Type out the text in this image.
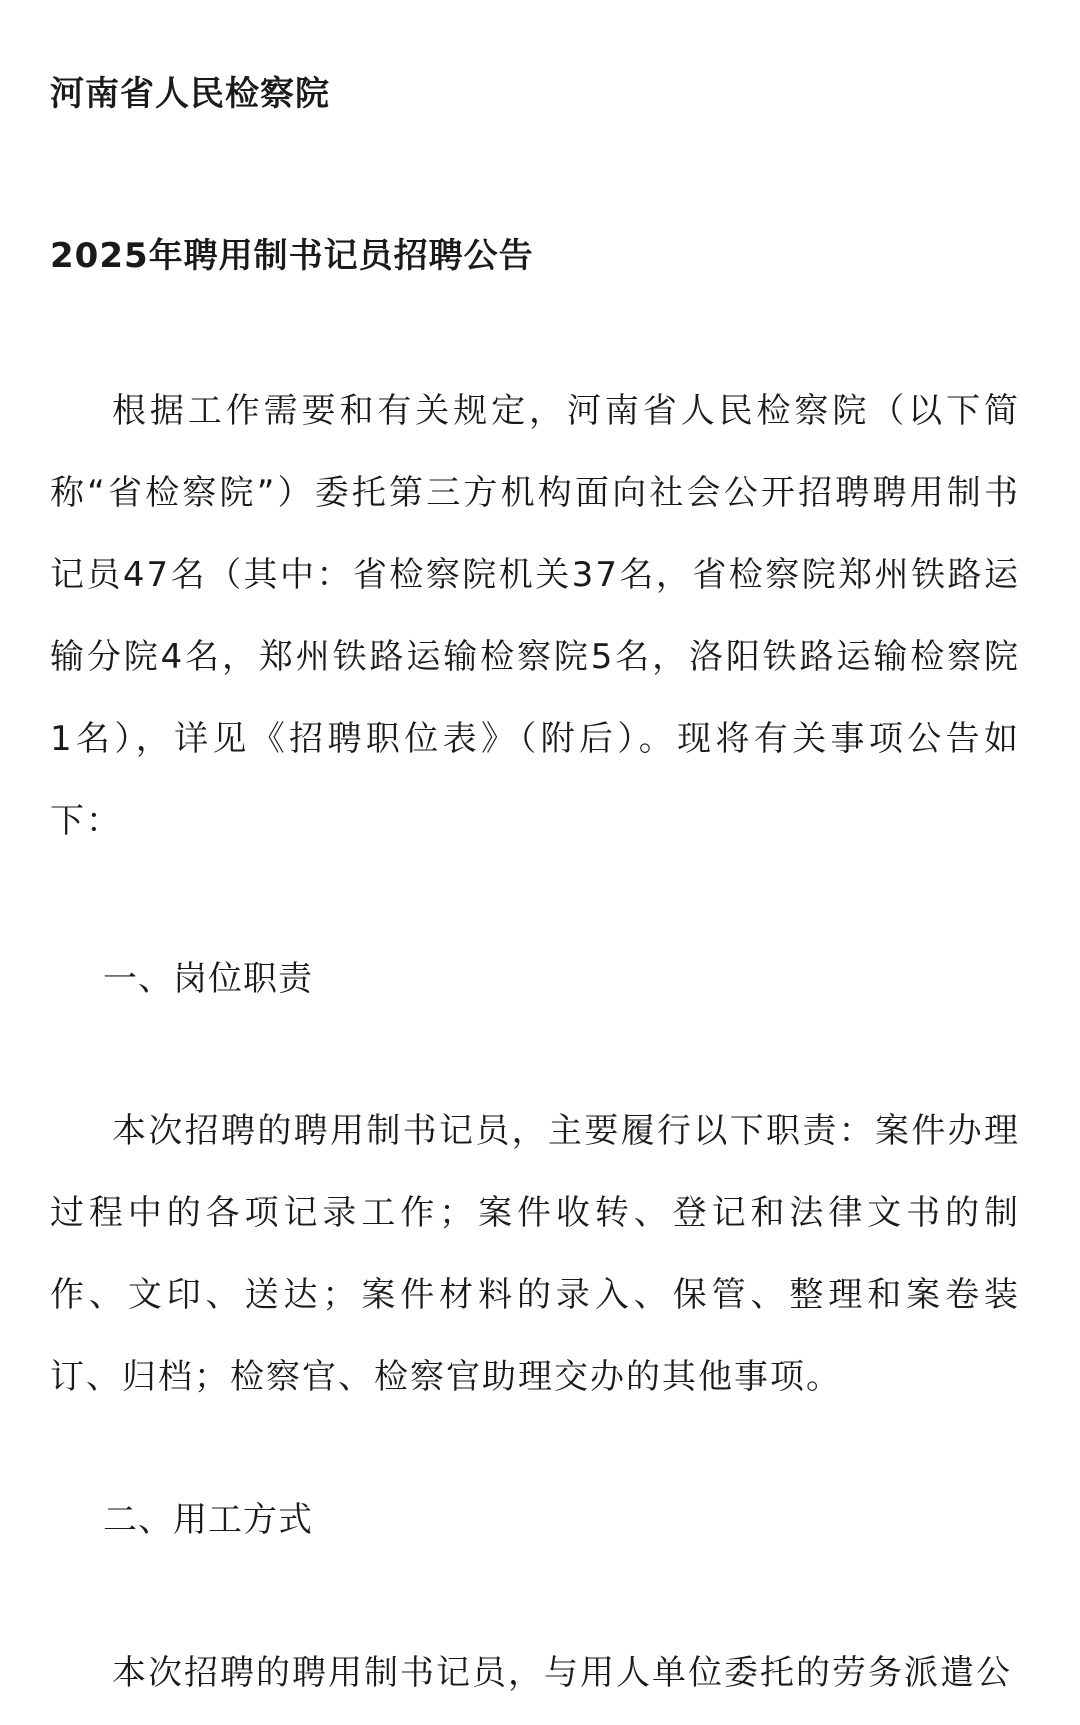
河南省人民检察院
2025年聘用制书记员招聘公告

根据工作需要和有关规定，河南省人民检察院（以下简称“省检察院”）委托第三方机构面向社会公开招聘聘用制书记员47名（其中：省检察院机关37名，省检察院郑州铁路运输分院4名，郑州铁路运输检察院5名，洛阳铁路运输检察院1名），详见《招聘职位表》（附后）。现将有关事项公告如下：

一、岗位职责

本次招聘的聘用制书记员，主要履行以下职责：案件办理过程中的各项记录工作；案件收转、登记和法律文书的制作、文印、送达；案件材料的录入、保管、整理和案卷装订、归档；检察官、检察官助理交办的其他事项。

二、用工方式

本次招聘的聘用制书记员，与用人单位委托的劳务派遣公
